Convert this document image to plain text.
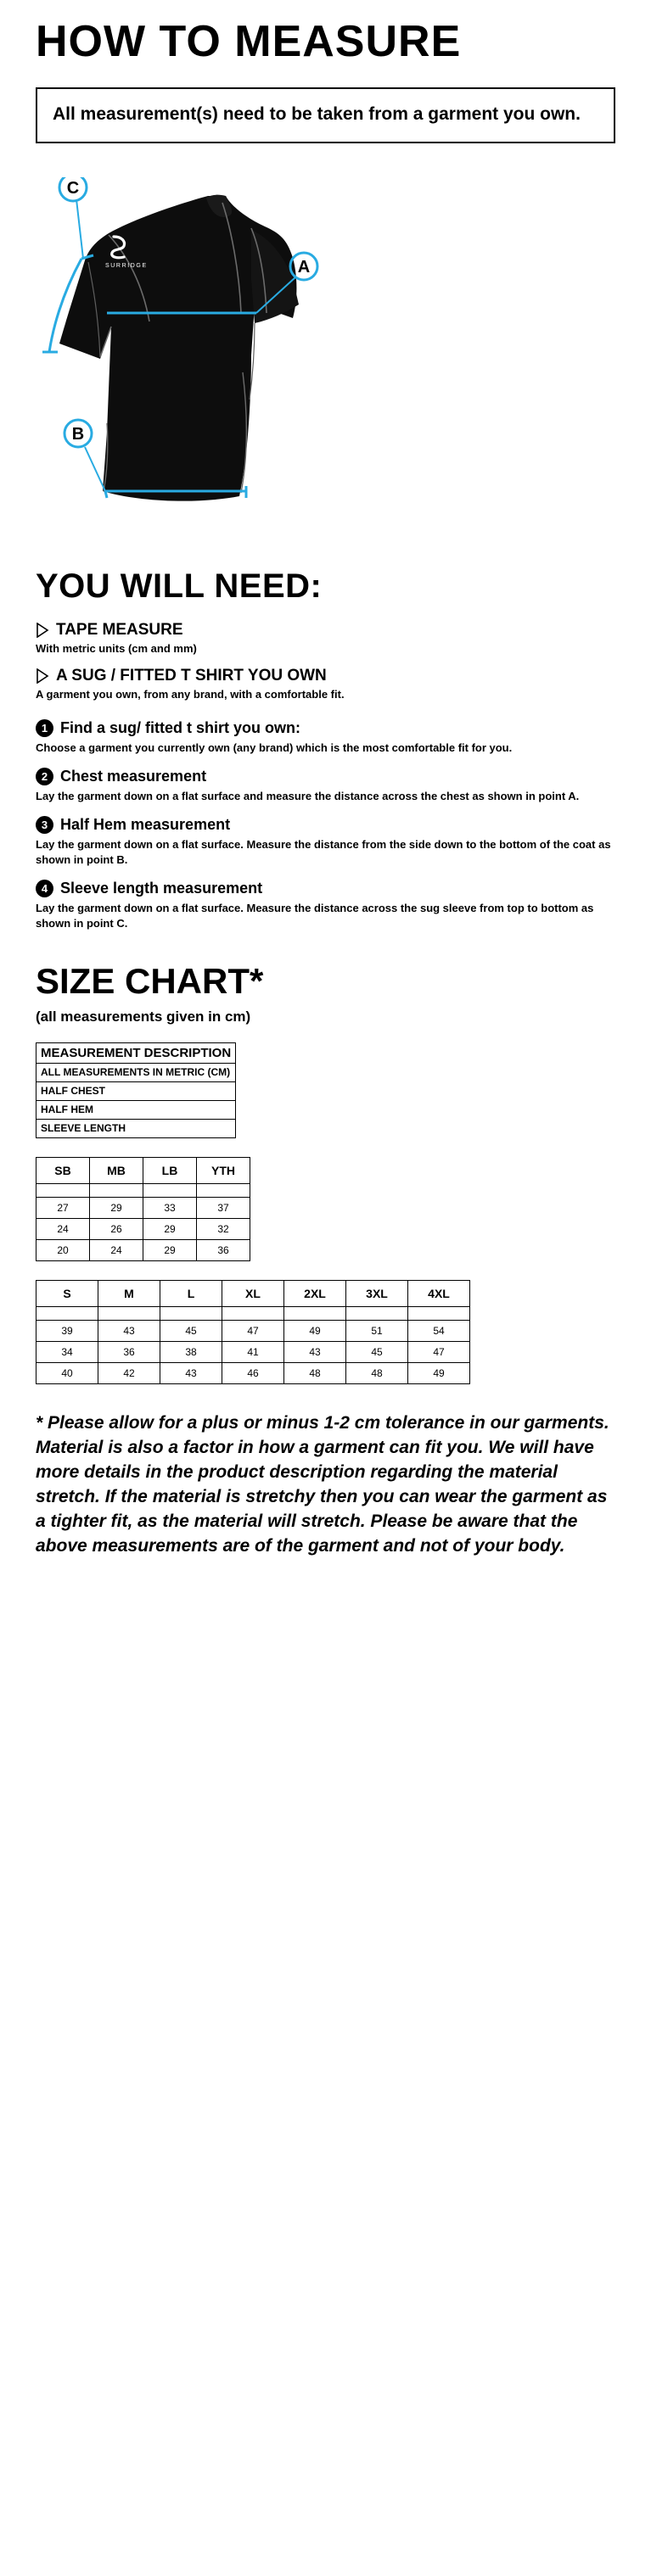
HOW TO MEASURE
All measurement(s) need to be taken from a garment you own.
SURRIDGE	A
B
C
YOU WILL NEED:
TAPE MEASURE
With metric units (cm and mm)
A SUG / FITTED T SHIRT YOU OWN
A garment you own, from any brand, with a comfortable fit.
1 Find a sug/ fitted t shirt you own:
Choose a garment you currently own (any brand) which is the most comfortable fit for you.
2 Chest measurement
Lay the garment down on a flat surface and measure the distance across the chest as shown in point A.
3 Half Hem measurement
Lay the garment down on a flat surface. Measure the distance from the side down to the bottom of the coat as shown in point B.
4 Sleeve length measurement
Lay the garment down on a flat surface. Measure the distance across the sug sleeve from top to bottom as shown in point C.
SIZE CHART*
(all measurements given in cm)
MEASUREMENT DESCRIPTION
ALL MEASUREMENTS IN METRIC (CM)
HALF CHEST
HALF HEM
SLEEVE LENGTH
SB	MB	LB	YTH

27	29	33	37
24	26	29	32
20	24	29	36
S	M	L	XL	2XL	3XL	4XL

39	43	45	47	49	51	54
34	36	38	41	43	45	47
40	42	43	46	48	48	49
* Please allow for a plus or minus 1-2 cm tolerance in our garments. Material is also a factor in how a garment can fit you. We will have more details in the product description regarding the material stretch. If the material is stretchy then you can wear the garment as a tighter fit, as the material will stretch. Please be aware that the above measurements are of the garment and not of your body.
